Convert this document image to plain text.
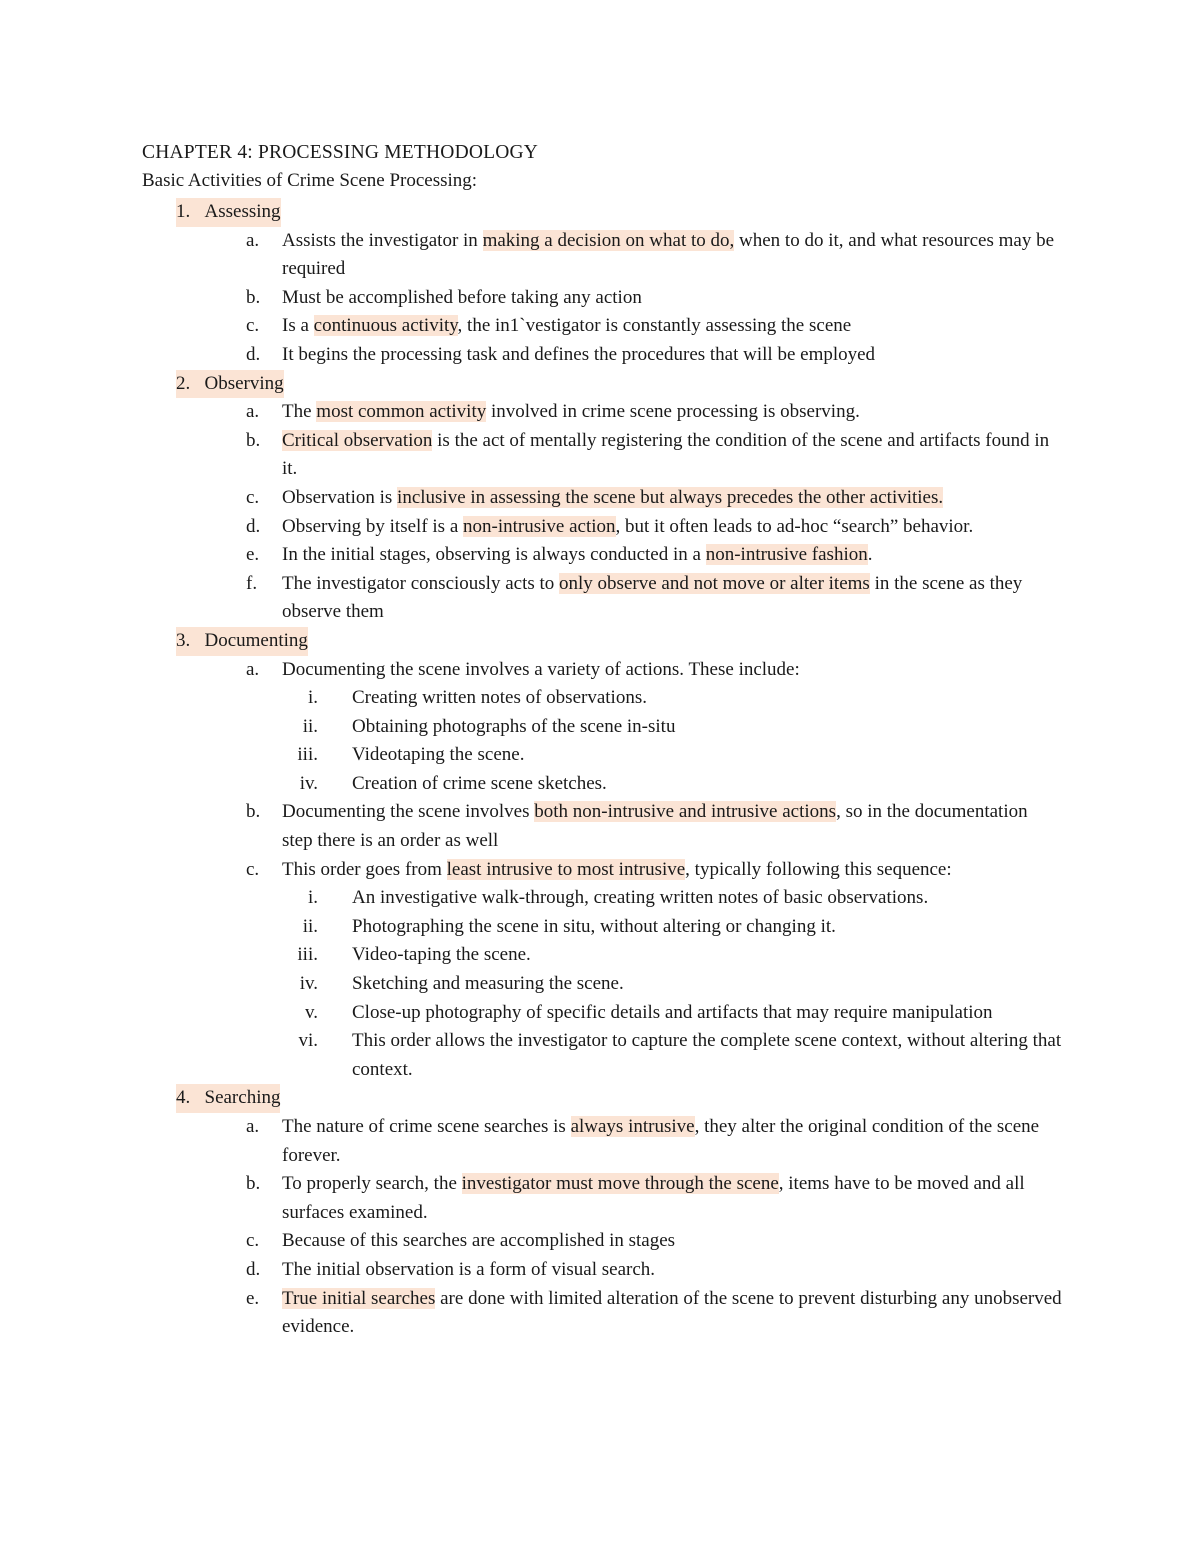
CHAPTER 4: PROCESSING METHODOLOGY
Basic Activities of Crime Scene Processing:
1. Assessing
a.	Assists the investigator in making a decision on what to do, when to do it, and what resources may be required
b.	Must be accomplished before taking any action
c.	Is a continuous activity, the in1`vestigator is constantly assessing the scene
d.	It begins the processing task and defines the procedures that will be employed
2. Observing
a.	The most common activity involved in crime scene processing is observing.
b.	Critical observation is the act of mentally registering the condition of the scene and artifacts found in it.
c.	Observation is inclusive in assessing the scene but always precedes the other activities.
d.	Observing by itself is a non-intrusive action, but it often leads to ad-hoc “search” behavior.
e.	In the initial stages, observing is always conducted in a non-intrusive fashion.
f.	The investigator consciously acts to only observe and not move or alter items in the scene as they observe them
3. Documenting
a.	Documenting the scene involves a variety of actions. These include:
i. Creating written notes of observations.
ii. Obtaining photographs of the scene in-situ
iii. Videotaping the scene.
iv. Creation of crime scene sketches.
b.	Documenting the scene involves both non-intrusive and intrusive actions, so in the documentation step there is an order as well
c.	This order goes from least intrusive to most intrusive, typically following this sequence:
i. An investigative walk-through, creating written notes of basic observations.
ii. Photographing the scene in situ, without altering or changing it.
iii. Video-taping the scene.
iv. Sketching and measuring the scene.
v. Close-up photography of specific details and artifacts that may require manipulation
vi. This order allows the investigator to capture the complete scene context, without altering that context.
4. Searching
a.	The nature of crime scene searches is always intrusive, they alter the original condition of the scene forever.
b.	To properly search, the investigator must move through the scene, items have to be moved and all surfaces examined.
c.	Because of this searches are accomplished in stages
d.	The initial observation is a form of visual search.
e.	True initial searches are done with limited alteration of the scene to prevent disturbing any unobserved evidence.
